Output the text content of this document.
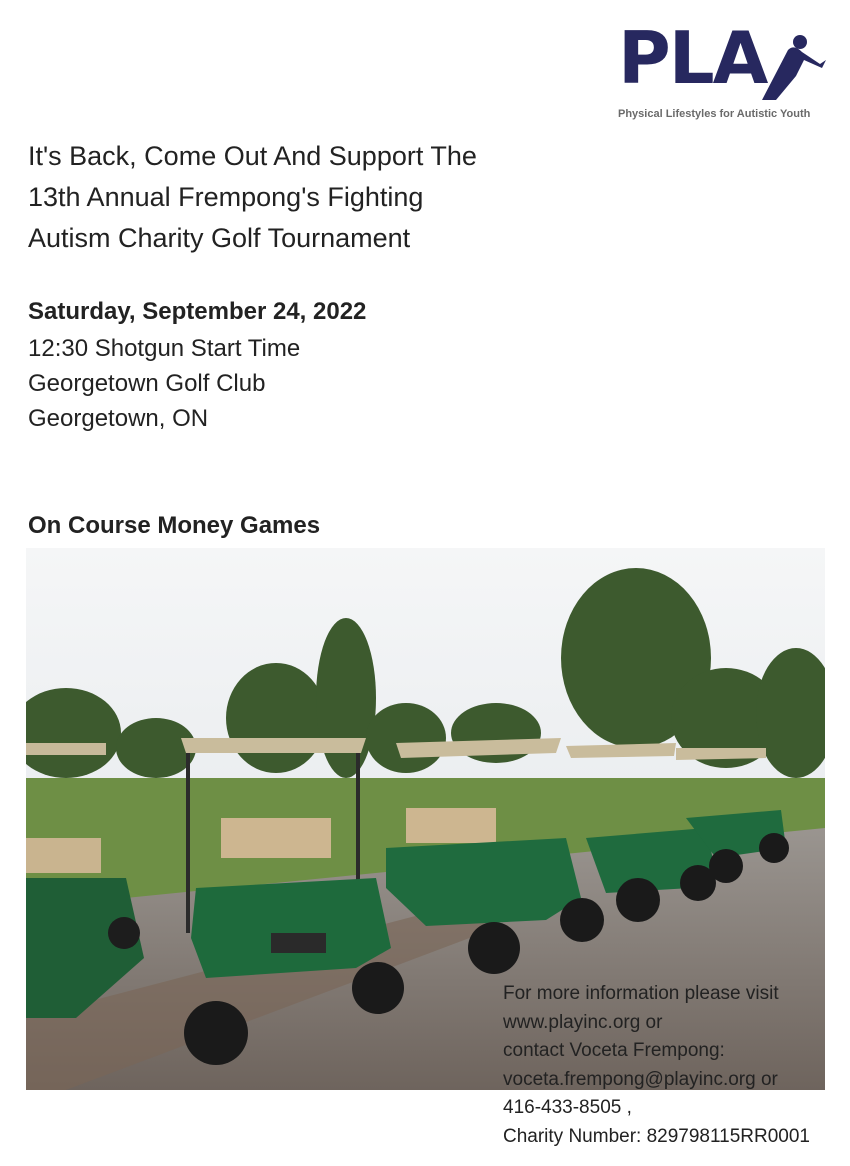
PLA
Physical Lifestyles for Autistic Youth
It's Back, Come Out And Support The
13th Annual Frempong's Fighting
Autism Charity Golf Tournament
Saturday, September 24, 2022
12:30 Shotgun Start Time
Georgetown Golf Club
Georgetown, ON
On Course Money Games
For more information please visit
www.playinc.org or
contact Voceta Frempong:
voceta.frempong@playinc.org or
416-433-8505 ,
Charity Number: 829798115RR0001
